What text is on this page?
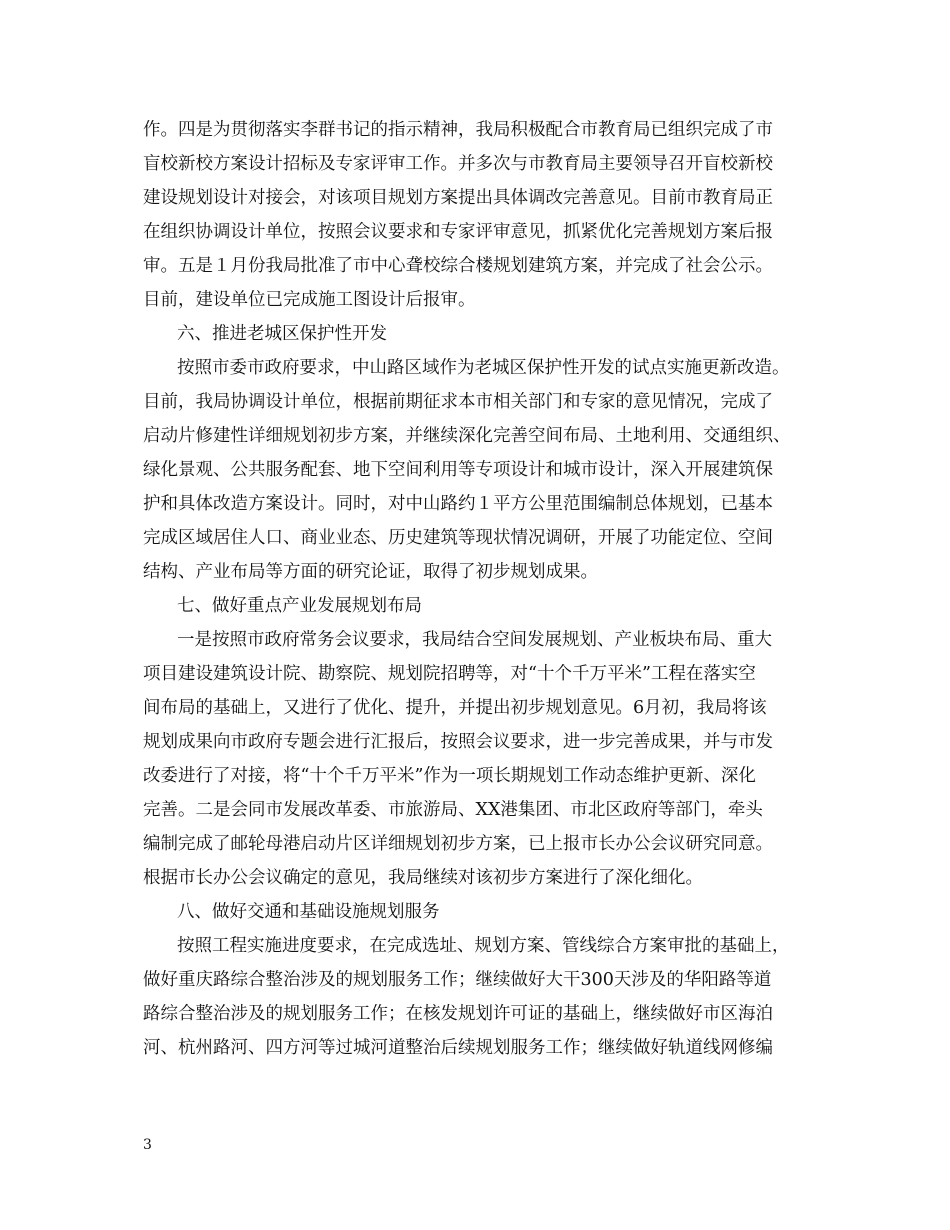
作。四是为贯彻落实李群书记的指示精神，我局积极配合市教育局已组织完成了市
盲校新校方案设计招标及专家评审工作。并多次与市教育局主要领导召开盲校新校
建设规划设计对接会，对该项目规划方案提出具体调改完善意见。目前市教育局正
在组织协调设计单位，按照会议要求和专家评审意见，抓紧优化完善规划方案后报
审。五是１月份我局批准了市中心聋校综合楼规划建筑方案，并完成了社会公示。
目前，建设单位已完成施工图设计后报审。
六、推进老城区保护性开发
按照市委市政府要求，中山路区域作为老城区保护性开发的试点实施更新改造。
目前，我局协调设计单位，根据前期征求本市相关部门和专家的意见情况，完成了
启动片修建性详细规划初步方案，并继续深化完善空间布局、土地利用、交通组织、
绿化景观、公共服务配套、地下空间利用等专项设计和城市设计，深入开展建筑保
护和具体改造方案设计。同时，对中山路约１平方公里范围编制总体规划，已基本
完成区域居住人口、商业业态、历史建筑等现状情况调研，开展了功能定位、空间
结构、产业布局等方面的研究论证，取得了初步规划成果。
七、做好重点产业发展规划布局
一是按照市政府常务会议要求，我局结合空间发展规划、产业板块布局、重大
项目建设建筑设计院、勘察院、规划院招聘等，对“十个千万平米”工程在落实空
间布局的基础上，又进行了优化、提升，并提出初步规划意见。6月初，我局将该
规划成果向市政府专题会进行汇报后，按照会议要求，进一步完善成果，并与市发
改委进行了对接，将“十个千万平米”作为一项长期规划工作动态维护更新、深化
完善。二是会同市发展改革委、市旅游局、XX港集团、市北区政府等部门，牵头
编制完成了邮轮母港启动片区详细规划初步方案，已上报市长办公会议研究同意。
根据市长办公会议确定的意见，我局继续对该初步方案进行了深化细化。
八、做好交通和基础设施规划服务
按照工程实施进度要求，在完成选址、规划方案、管线综合方案审批的基础上，
做好重庆路综合整治涉及的规划服务工作；继续做好大干300天涉及的华阳路等道
路综合整治涉及的规划服务工作；在核发规划许可证的基础上，继续做好市区海泊
河、杭州路河、四方河等过城河道整治后续规划服务工作；继续做好轨道线网修编
3
